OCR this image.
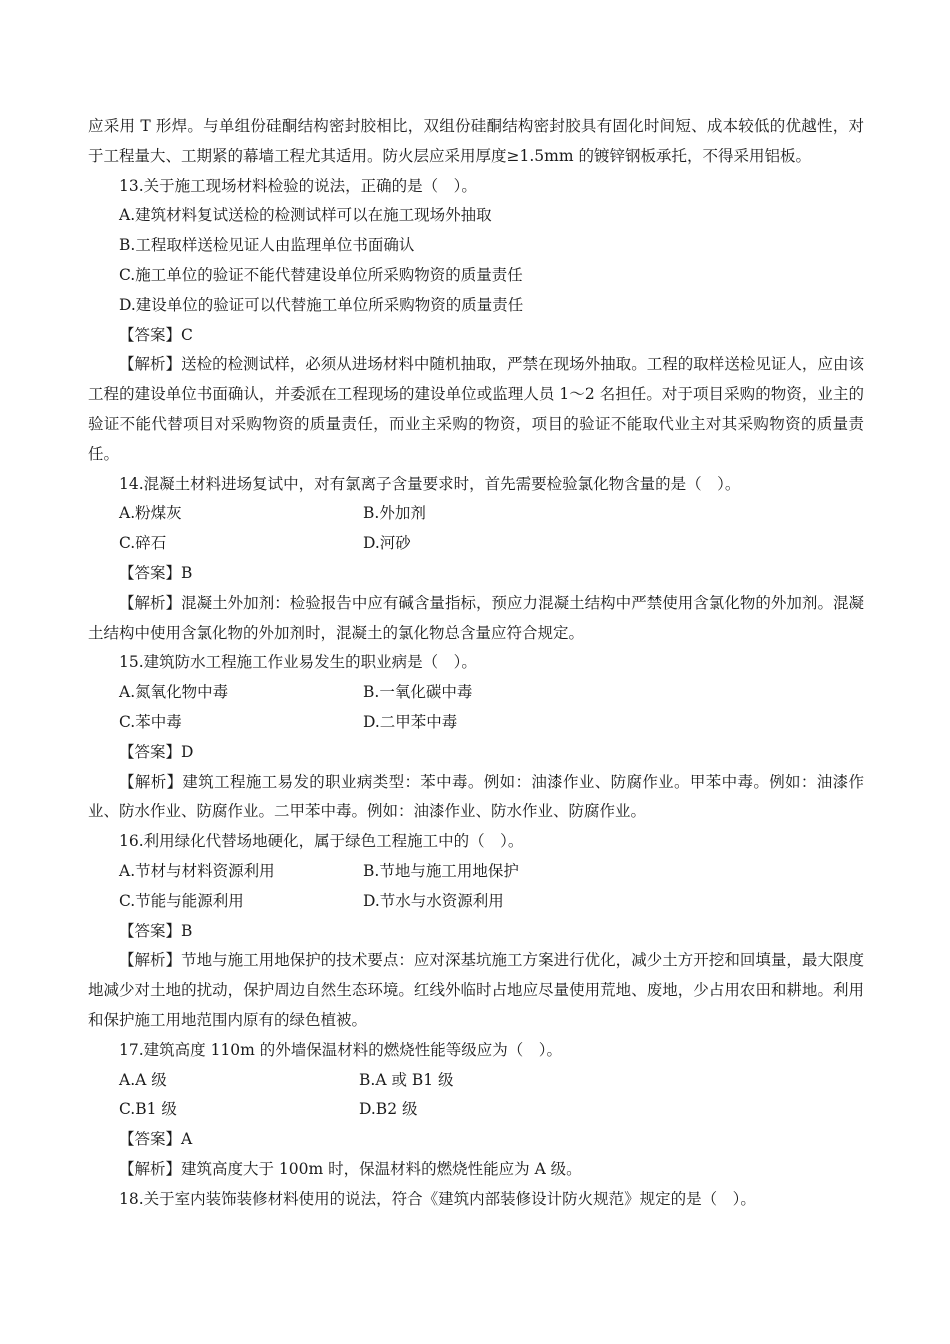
应采用 T 形焊。与单组份硅酮结构密封胶相比，双组份硅酮结构密封胶具有固化时间短、成本较低的优越性，对于工程量大、工期紧的幕墙工程尤其适用。防火层应采用厚度≥1.5mm 的镀锌钢板承托，不得采用铝板。

13.关于施工现场材料检验的说法，正确的是（　）。

A.建筑材料复试送检的检测试样可以在施工现场外抽取

B.工程取样送检见证人由监理单位书面确认

C.施工单位的验证不能代替建设单位所采购物资的质量责任

D.建设单位的验证可以代替施工单位所采购物资的质量责任

【答案】C

【解析】送检的检测试样，必须从进场材料中随机抽取，严禁在现场外抽取。工程的取样送检见证人，应由该工程的建设单位书面确认，并委派在工程现场的建设单位或监理人员 1～2 名担任。对于项目采购的物资，业主的验证不能代替项目对采购物资的质量责任，而业主采购的物资，项目的验证不能取代业主对其采购物资的质量责任。

14.混凝土材料进场复试中，对有氯离子含量要求时，首先需要检验氯化物含量的是（　）。

A.粉煤灰	B.外加剂
C.碎石	D.河砂

【答案】B

【解析】混凝土外加剂：检验报告中应有碱含量指标，预应力混凝土结构中严禁使用含氯化物的外加剂。混凝土结构中使用含氯化物的外加剂时，混凝土的氯化物总含量应符合规定。

15.建筑防水工程施工作业易发生的职业病是（　）。

A.氮氧化物中毒	B.一氧化碳中毒
C.苯中毒	D.二甲苯中毒

【答案】D

【解析】建筑工程施工易发的职业病类型：苯中毒。例如：油漆作业、防腐作业。甲苯中毒。例如：油漆作业、防水作业、防腐作业。二甲苯中毒。例如：油漆作业、防水作业、防腐作业。

16.利用绿化代替场地硬化，属于绿色工程施工中的（　）。

A.节材与材料资源利用	B.节地与施工用地保护
C.节能与能源利用	D.节水与水资源利用

【答案】B

【解析】节地与施工用地保护的技术要点：应对深基坑施工方案进行优化，减少土方开挖和回填量，最大限度地减少对土地的扰动，保护周边自然生态环境。红线外临时占地应尽量使用荒地、废地，少占用农田和耕地。利用和保护施工用地范围内原有的绿色植被。

17.建筑高度 110m 的外墙保温材料的燃烧性能等级应为（　）。

A.A 级	B.A 或 B1 级
C.B1 级	D.B2 级

【答案】A

【解析】建筑高度大于 100m 时，保温材料的燃烧性能应为 A 级。

18.关于室内装饰装修材料使用的说法，符合《建筑内部装修设计防火规范》规定的是（　）。
